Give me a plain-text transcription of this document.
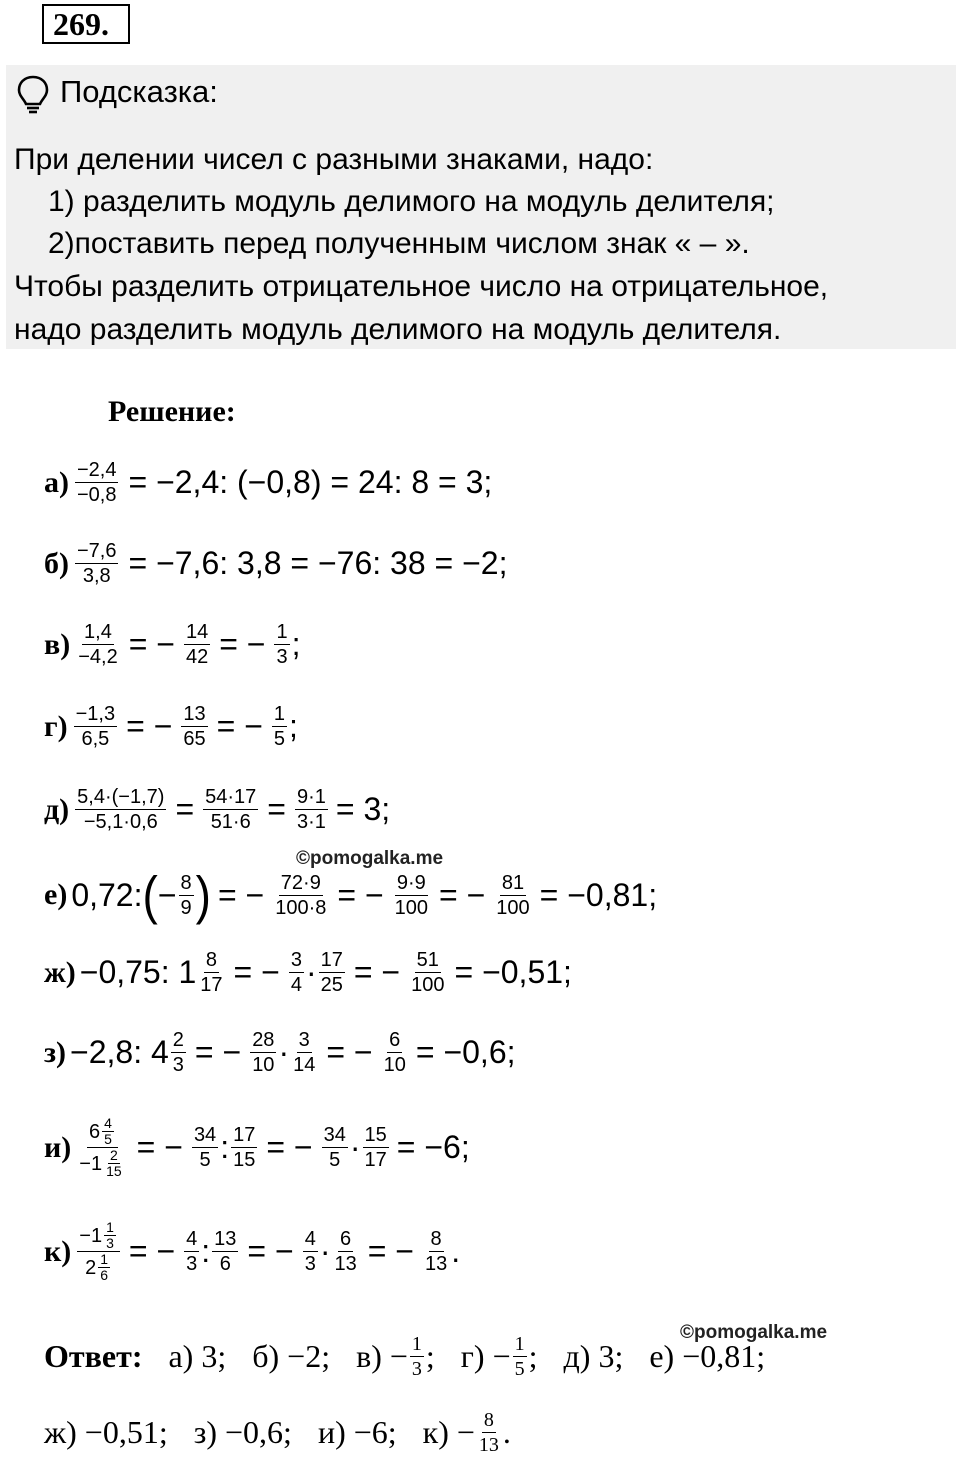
269.
Подсказка:
При делении чисел с разными знаками, надо:
1) разделить модуль делимого на модуль делителя;
2)поставить перед полученным числом знак « – ».
Чтобы разделить отрицательное число на отрицательное,
надо разделить модуль делимого на модуль делителя.
Решение:
$а) \frac{-2,4}{-0,8} = -2,4$: (−0,8) = 24: 8 = 3;
$б) \frac{-7,6}{3,8} = -7,6$: 3,8 = −76: 38 = −2;
$в) \frac{1,4}{-4,2}$ = − $\frac{14}{42}$ = − $\frac{1}{3}$ ;
$г) \frac{-1,3}{6,5}$ = − $\frac{13}{65}$ = − $\frac{1}{5}$ ;
$д) \frac{5,4\cdot(-1,7)}{-5,1\cdot 0,6} = \frac{54\cdot 17}{51\cdot 6} = \frac{9\cdot 1}{3\cdot 1} = 3$;
©pomogalka.me
е) 0,72: ( − $\frac{8}{9}$ ) = − $\frac{72\cdot 9}{100\cdot 8}$ = − $\frac{9\cdot 9}{100}$ = − $\frac{81}{100} = -0,81$;
ж) −0,75: $1 \frac{8}{17}$ = − $\frac{3}{4} \cdot \frac{17}{25}$ = − $\frac{51}{100} = -0,51$;
з) −2,8: $4 \frac{2}{3}$ = − $\frac{28}{10} \cdot \frac{3}{14}$ = − $\frac{6}{10} = -0,6$;
и) 6 4
5
−1 2
15 = − $\frac{34}{5}$ : $\frac{17}{15}$ = − $\frac{34}{5} \cdot \frac{15}{17} = -6$;
к) −1 1
3
2 1
6 = − $\frac{4}{3}$ : $\frac{13}{6}$ = − $\frac{4}{3} \cdot \frac{6}{13}$ = − $\frac{8}{13}$ .
©pomogalka.me
Ответ: а) 3; б) −2; $в) - \frac{1}{3}$ ; $г) - \frac{1}{5}$ ; д) 3; е) −0,81;
ж) −0,51; з) −0,6; и) −6; $к) - \frac{8}{13}$ .
